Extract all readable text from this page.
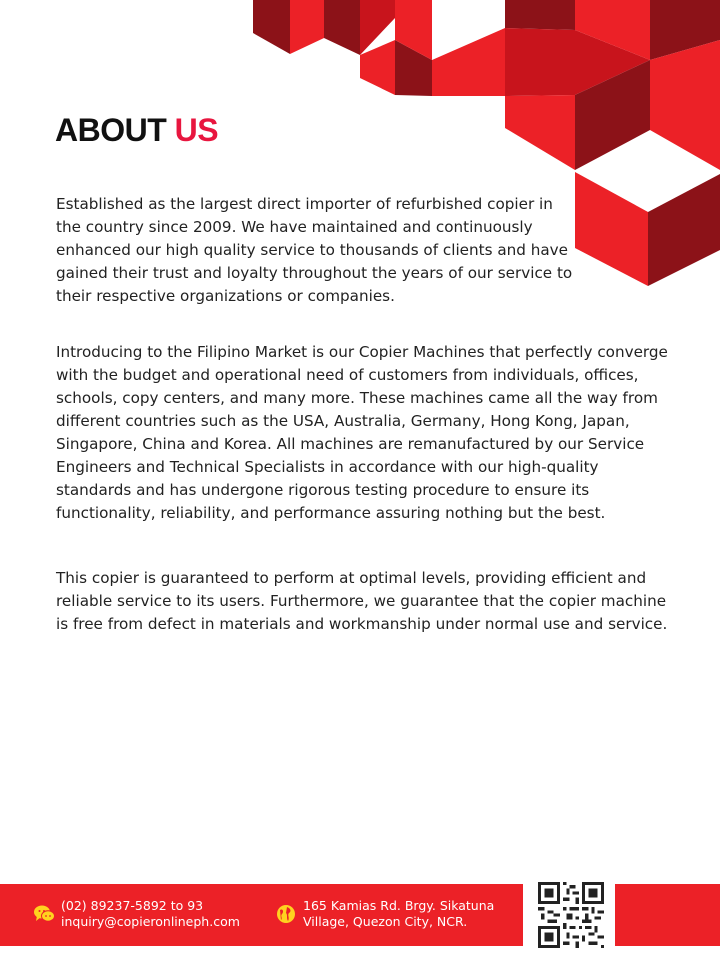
ABOUT US

Established as the largest direct importer of refurbished copier in the country since 2009. We have maintained and continuously enhanced our high quality service to thousands of clients and have gained their trust and loyalty throughout the years of our service to their respective organizations or companies.

Introducing to the Filipino Market is our Copier Machines that perfectly converge with the budget and operational need of customers from individuals, offices, schools, copy centers, and many more. These machines came all the way from different countries such as the USA, Australia, Germany, Hong Kong, Japan, Singapore, China and Korea. All machines are remanufactured by our Service Engineers and Technical Specialists in accordance with our high-quality standards and has undergone rigorous testing procedure to ensure its functionality, reliability, and performance assuring nothing but the best.

This copier is guaranteed to perform at optimal levels, providing efficient and reliable service to its users. Furthermore, we guarantee that the copier machine is free from defect in materials and workmanship under normal use and service.

(02) 89237-5892 to 93
inquiry@copieronlineph.com
165 Kamias Rd. Brgy. Sikatuna
Village, Quezon City, NCR.
